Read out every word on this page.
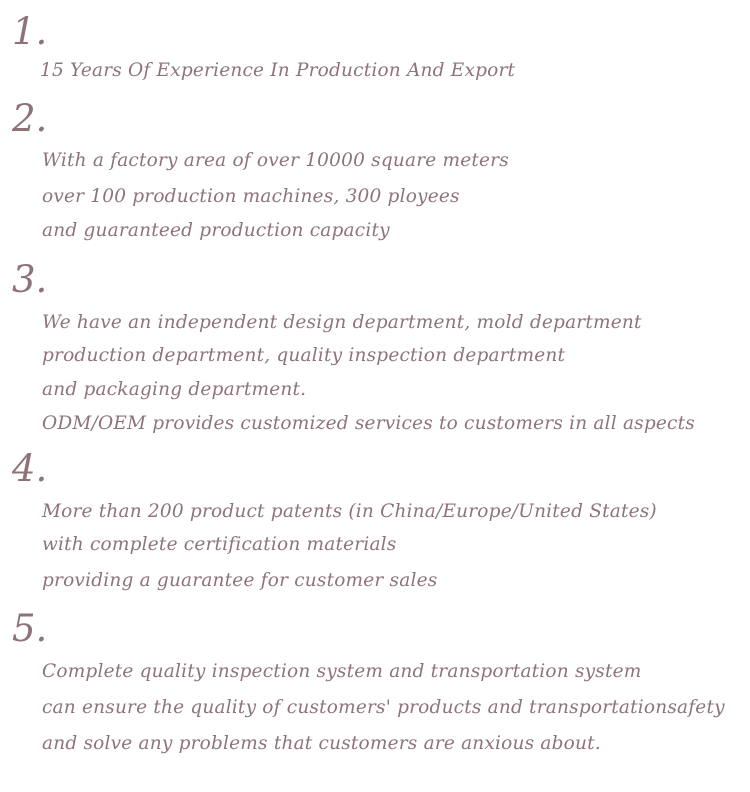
1.
15 Years Of Experience In Production And Export
2.
With a factory area of over 10000 square meters
over 100 production machines, 300 ployees
and guaranteed production capacity
3.
We have an independent design department, mold department
production department, quality inspection department
and packaging department.
ODM/OEM provides customized services to customers in all aspects
4.
More than 200 product patents (in China/Europe/United States)
with complete certification materials
providing a guarantee for customer sales
5.
Complete quality inspection system and transportation system
can ensure the quality of customers' products and transportationsafety
and solve any problems that customers are anxious about.
